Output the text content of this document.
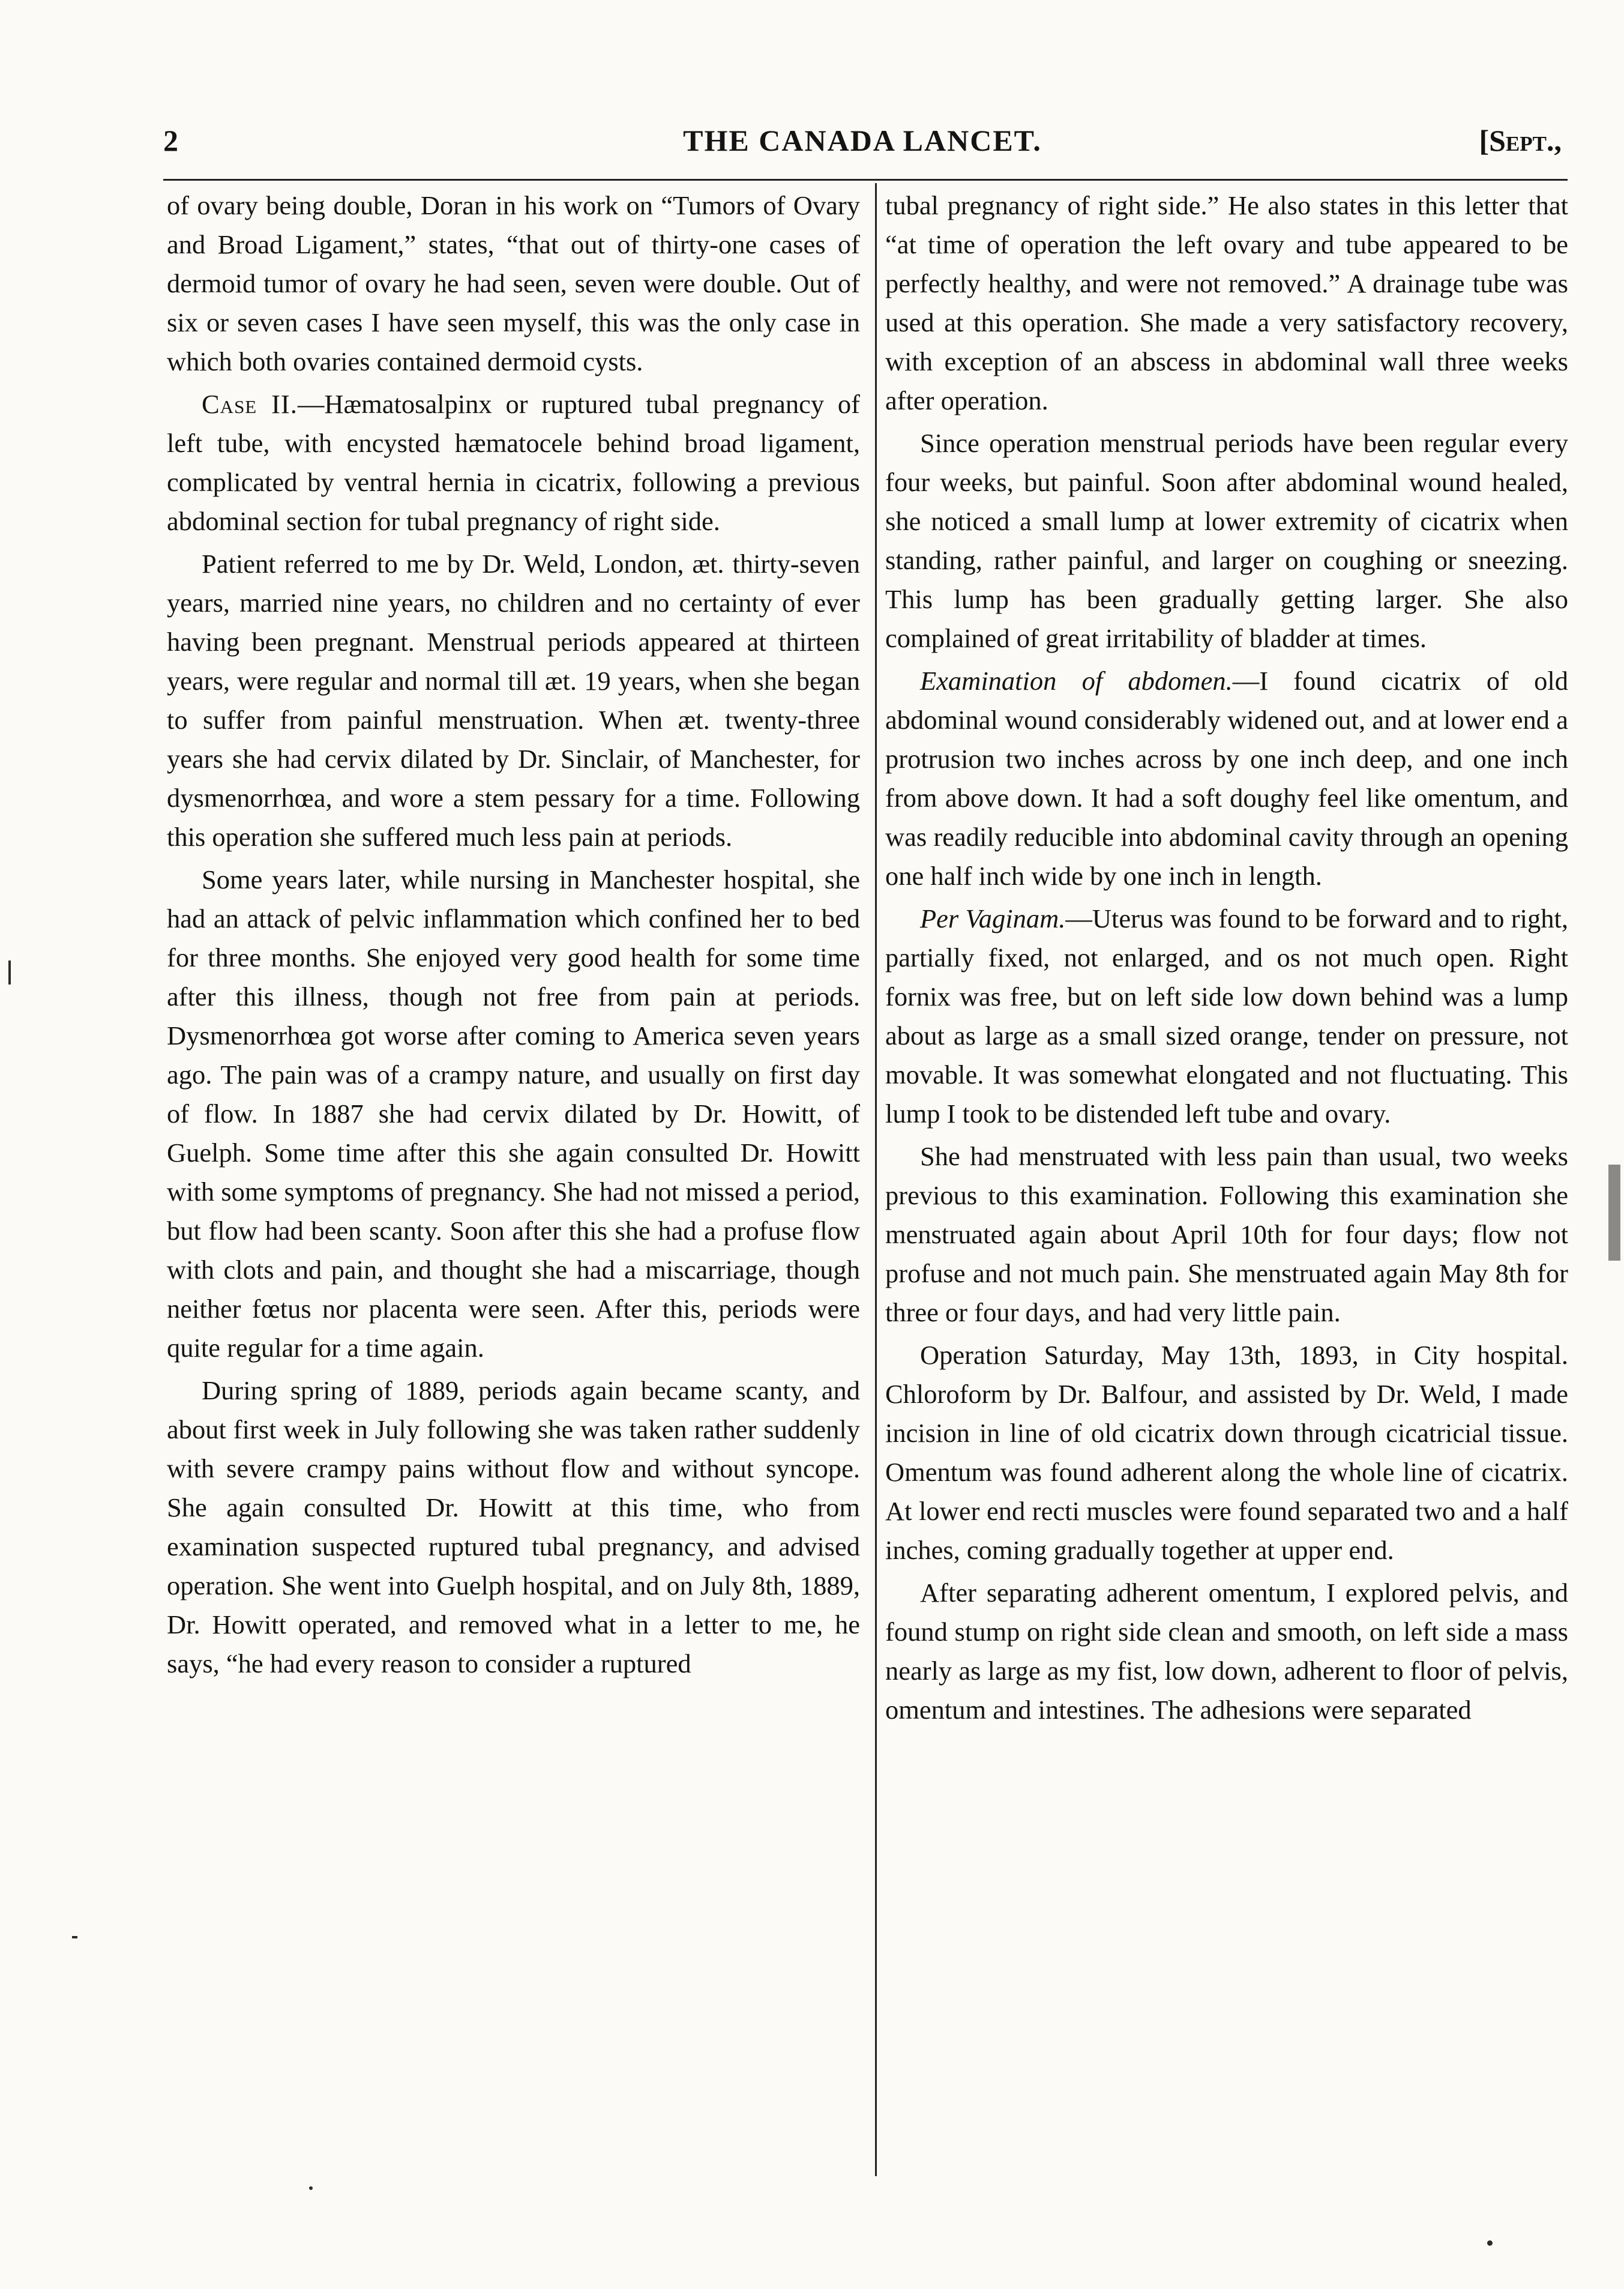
2	THE CANADA LANCET.	[Sept.,

of ovary being double, Doran in his work on “Tumors of Ovary and Broad Ligament,” states, “that out of thirty-one cases of dermoid tumor of ovary he had seen, seven were double. Out of six or seven cases I have seen myself, this was the only case in which both ovaries contained dermoid cysts.

Case II.—Hæmatosalpinx or ruptured tubal pregnancy of left tube, with encysted hæmatocele behind broad ligament, complicated by ventral hernia in cicatrix, following a previous abdominal section for tubal pregnancy of right side.

Patient referred to me by Dr. Weld, London, æt. thirty-seven years, married nine years, no children and no certainty of ever having been pregnant. Menstrual periods appeared at thirteen years, were regular and normal till æt. 19 years, when she began to suffer from painful menstruation. When æt. twenty-three years she had cervix dilated by Dr. Sinclair, of Manchester, for dysmenorrhœa, and wore a stem pessary for a time. Following this operation she suffered much less pain at periods.

Some years later, while nursing in Manchester hospital, she had an attack of pelvic inflammation which confined her to bed for three months. She enjoyed very good health for some time after this illness, though not free from pain at periods. Dysmenorrhœa got worse after coming to America seven years ago. The pain was of a crampy nature, and usually on first day of flow. In 1887 she had cervix dilated by Dr. Howitt, of Guelph. Some time after this she again consulted Dr. Howitt with some symptoms of pregnancy. She had not missed a period, but flow had been scanty. Soon after this she had a profuse flow with clots and pain, and thought she had a miscarriage, though neither fœtus nor placenta were seen. After this, periods were quite regular for a time again.

During spring of 1889, periods again became scanty, and about first week in July following she was taken rather suddenly with severe crampy pains without flow and without syncope. She again consulted Dr. Howitt at this time, who from examination suspected ruptured tubal pregnancy, and advised operation. She went into Guelph hospital, and on July 8th, 1889, Dr. Howitt operated, and removed what in a letter to me, he says, “he had every reason to consider a ruptured

tubal pregnancy of right side.” He also states in this letter that “at time of operation the left ovary and tube appeared to be perfectly healthy, and were not removed.” A drainage tube was used at this operation. She made a very satisfactory recovery, with exception of an abscess in abdominal wall three weeks after operation.

Since operation menstrual periods have been regular every four weeks, but painful. Soon after abdominal wound healed, she noticed a small lump at lower extremity of cicatrix when standing, rather painful, and larger on coughing or sneezing. This lump has been gradually getting larger. She also complained of great irritability of bladder at times.

Examination of abdomen.—I found cicatrix of old abdominal wound considerably widened out, and at lower end a protrusion two inches across by one inch deep, and one inch from above down. It had a soft doughy feel like omentum, and was readily reducible into abdominal cavity through an opening one half inch wide by one inch in length.

Per Vaginam.—Uterus was found to be forward and to right, partially fixed, not enlarged, and os not much open. Right fornix was free, but on left side low down behind was a lump about as large as a small sized orange, tender on pressure, not movable. It was somewhat elongated and not fluctuating. This lump I took to be distended left tube and ovary.

She had menstruated with less pain than usual, two weeks previous to this examination. Following this examination she menstruated again about April 10th for four days; flow not profuse and not much pain. She menstruated again May 8th for three or four days, and had very little pain.

Operation Saturday, May 13th, 1893, in City hospital. Chloroform by Dr. Balfour, and assisted by Dr. Weld, I made incision in line of old cicatrix down through cicatricial tissue. Omentum was found adherent along the whole line of cicatrix. At lower end recti muscles were found separated two and a half inches, coming gradually together at upper end.

After separating adherent omentum, I explored pelvis, and found stump on right side clean and smooth, on left side a mass nearly as large as my fist, low down, adherent to floor of pelvis, omentum and intestines. The adhesions were separated
